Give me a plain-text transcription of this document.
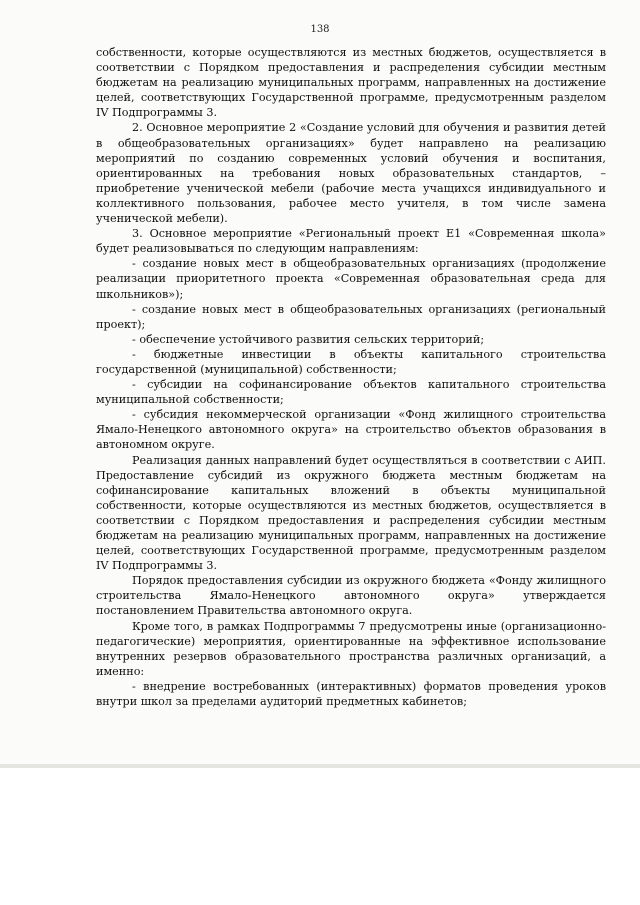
138

собственности, которые осуществляются из местных бюджетов, осуществляется в соответствии с Порядком предоставления и распределения субсидии местным бюджетам на реализацию муниципальных программ, направленных на достижение целей, соответствующих Государственной программе, предусмотренным разделом IV Подпрограммы 3.

2. Основное мероприятие 2 «Создание условий для обучения и развития детей в общеобразовательных организациях» будет направлено на реализацию мероприятий по созданию современных условий обучения и воспитания, ориентированных на требования новых образовательных стандартов, – приобретение ученической мебели (рабочие места учащихся индивидуального и коллективного пользования, рабочее место учителя, в том числе замена ученической мебели).

3. Основное мероприятие «Региональный проект Е1 «Современная школа» будет реализовываться по следующим направлениям:

- создание новых мест в общеобразовательных организациях (продолжение реализации приоритетного проекта «Современная образовательная среда для школьников»);

- создание новых мест в общеобразовательных организациях (региональный проект);

- обеспечение устойчивого развития сельских территорий;

- бюджетные инвестиции в объекты капитального строительства государственной (муниципальной) собственности;

- субсидии на софинансирование объектов капитального строительства муниципальной собственности;

- субсидия некоммерческой организации «Фонд жилищного строительства Ямало-Ненецкого автономного округа» на строительство объектов образования в автономном округе.

Реализация данных направлений будет осуществляться в соответствии с АИП. Предоставление субсидий из окружного бюджета местным бюджетам на софинансирование капитальных вложений в объекты муниципальной собственности, которые осуществляются из местных бюджетов, осуществляется в соответствии с Порядком предоставления и распределения субсидии местным бюджетам на реализацию муниципальных программ, направленных на достижение целей, соответствующих Государственной программе, предусмотренным разделом IV Подпрограммы 3.

Порядок предоставления субсидии из окружного бюджета «Фонду жилищного строительства Ямало-Ненецкого автономного округа» утверждается постановлением Правительства автономного округа.

Кроме того, в рамках Подпрограммы 7 предусмотрены иные (организационно-педагогические) мероприятия, ориентированные на эффективное использование внутренних резервов образовательного пространства различных организаций, а именно:

- внедрение востребованных (интерактивных) форматов проведения уроков внутри школ за пределами аудиторий предметных кабинетов;
